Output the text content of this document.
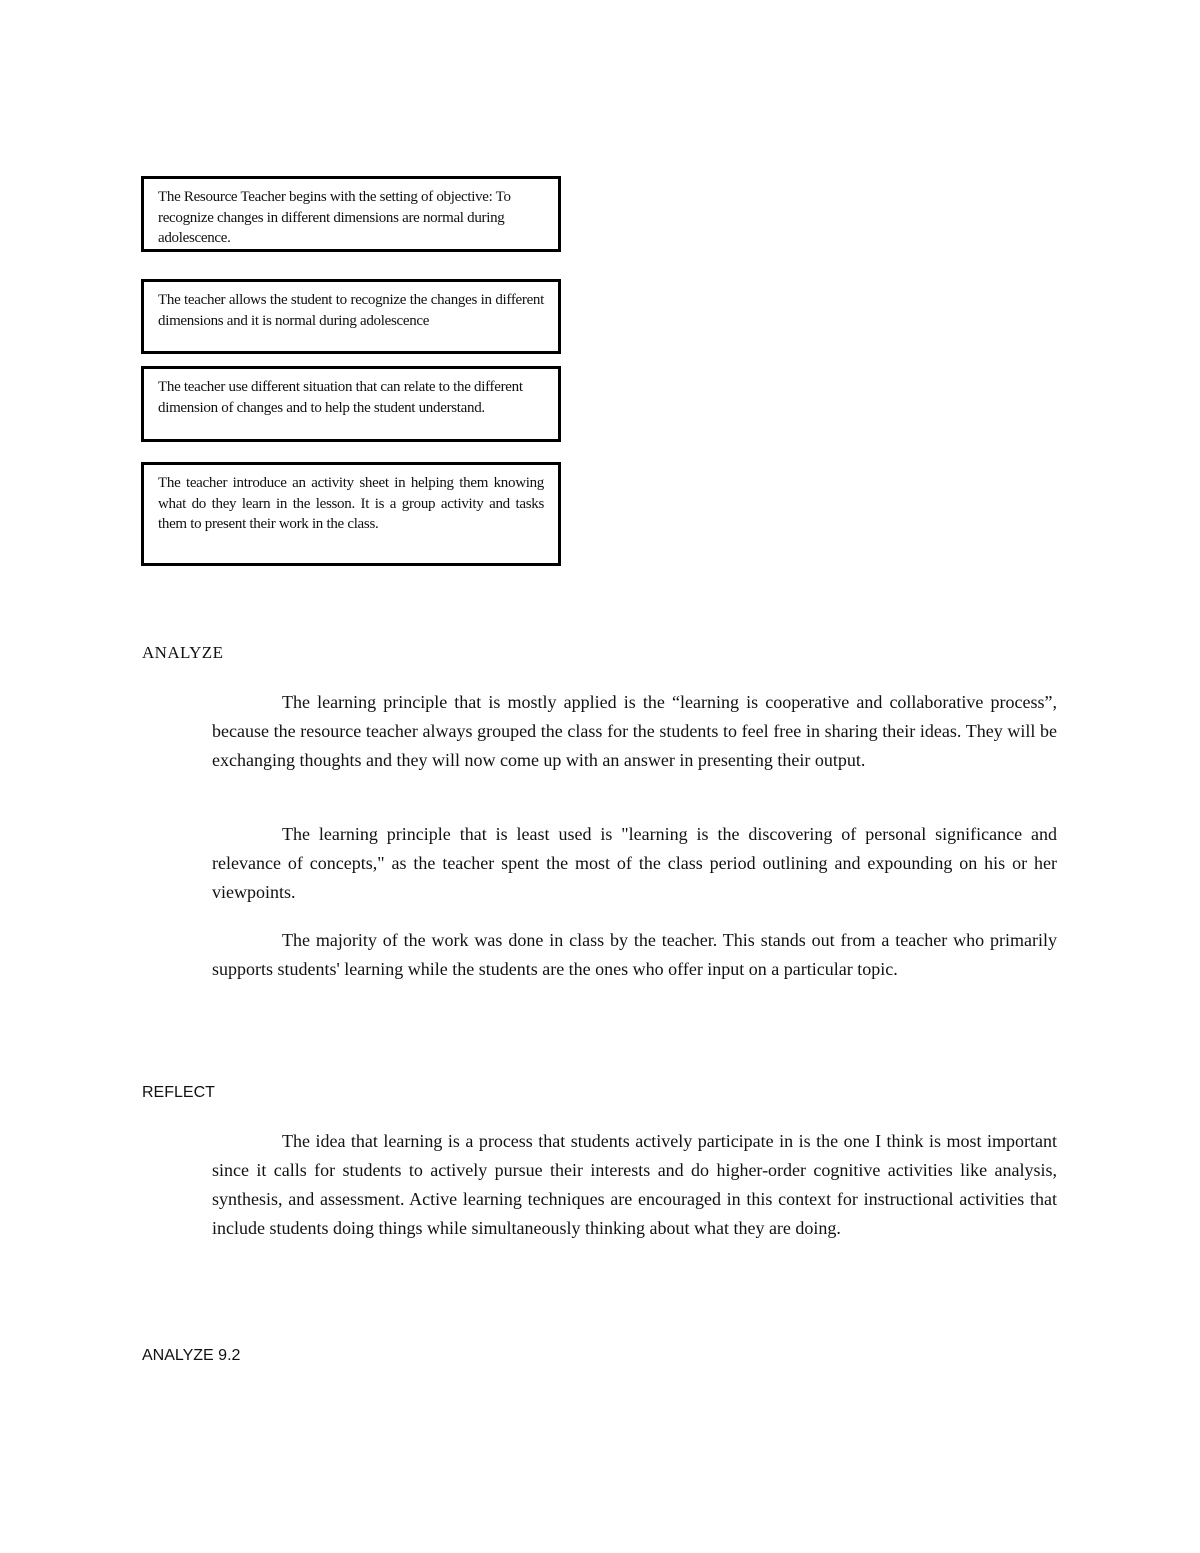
The Resource Teacher begins with the setting of objective: To recognize changes in different dimensions are normal during adolescence.
The teacher allows the student to recognize the changes in different dimensions and it is normal during adolescence
The teacher use different situation that can relate to the different dimension of changes and to help the student understand.
The teacher introduce an activity sheet in helping them knowing what do they learn in the lesson. It is a group activity and tasks them to present their work in the class.
ANALYZE

The learning principle that is mostly applied is the “learning is cooperative and collaborative process”, because the resource teacher always grouped the class for the students to feel free in sharing their ideas. They will be exchanging thoughts and they will now come up with an answer in presenting their output.

The learning principle that is least used is "learning is the discovering of personal significance and relevance of concepts," as the teacher spent the most of the class period outlining and expounding on his or her viewpoints.

The majority of the work was done in class by the teacher. This stands out from a teacher who primarily supports students' learning while the students are the ones who offer input on a particular topic.

REFLECT

The idea that learning is a process that students actively participate in is the one I think is most important since it calls for students to actively pursue their interests and do higher-order cognitive activities like analysis, synthesis, and assessment. Active learning techniques are encouraged in this context for instructional activities that include students doing things while simultaneously thinking about what they are doing.

ANALYZE 9.2
